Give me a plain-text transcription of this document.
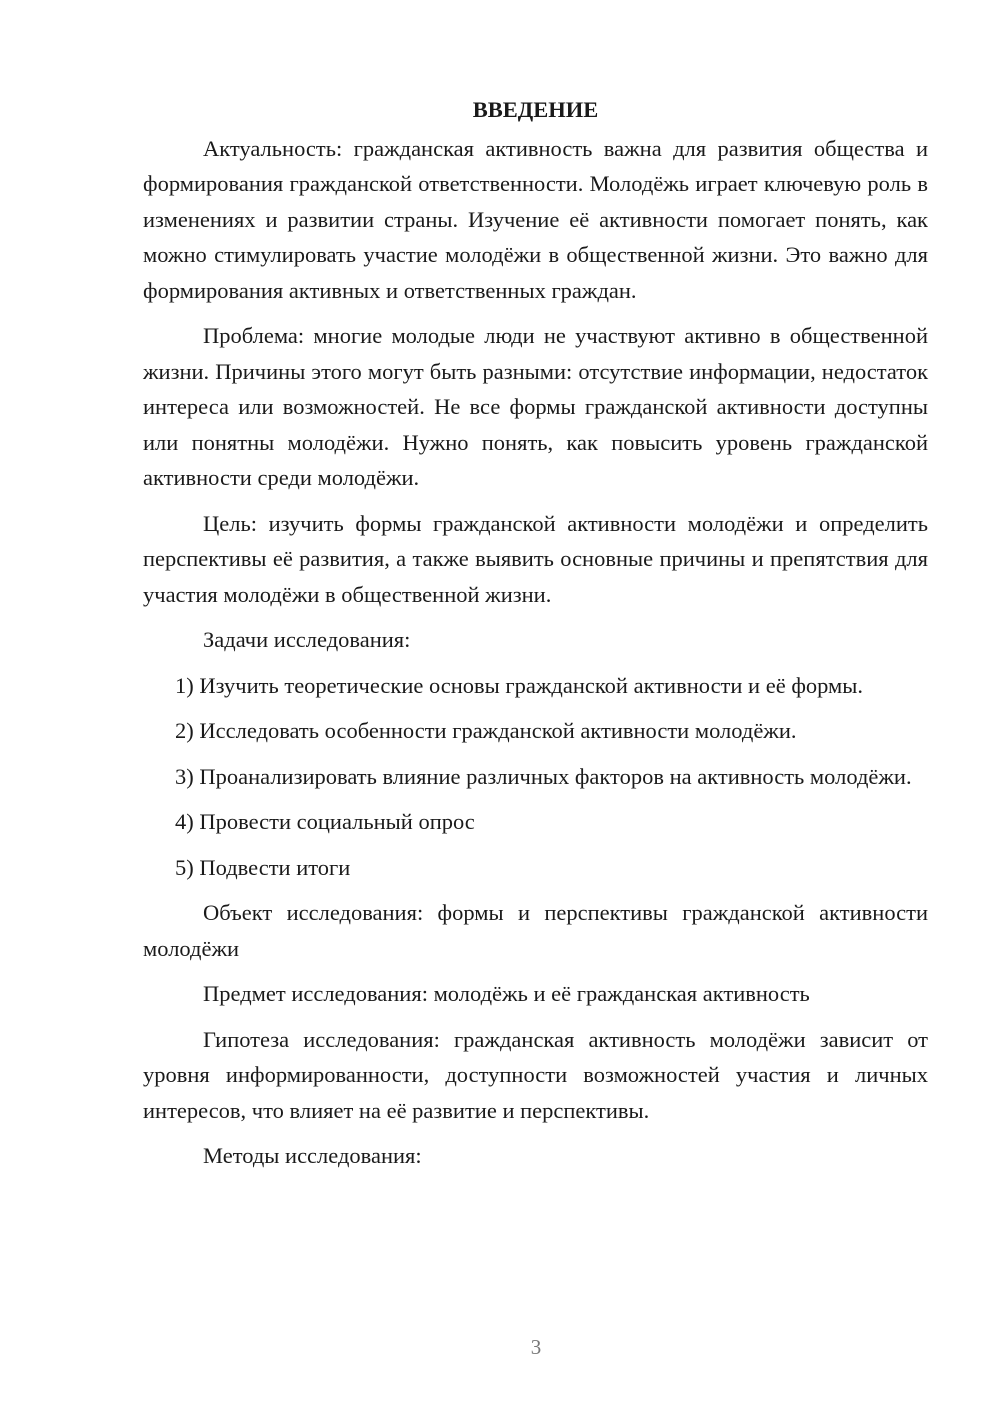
ВВЕДЕНИЕ

Актуальность: гражданская активность важна для развития общества и формирования гражданской ответственности. Молодёжь играет ключевую роль в изменениях и развитии страны. Изучение её активности помогает понять, как можно стимулировать участие молодёжи в общественной жизни. Это важно для формирования активных и ответственных граждан.

Проблема: многие молодые люди не участвуют активно в общественной жизни. Причины этого могут быть разными: отсутствие информации, недостаток интереса или возможностей. Не все формы гражданской активности доступны или понятны молодёжи. Нужно понять, как повысить уровень гражданской активности среди молодёжи.

Цель: изучить формы гражданской активности молодёжи и определить перспективы её развития, а также выявить основные причины и препятствия для участия молодёжи в общественной жизни.

Задачи исследования:

1) Изучить теоретические основы гражданской активности и её формы.

2) Исследовать особенности гражданской активности молодёжи.

3) Проанализировать влияние различных факторов на активность молодёжи.

4) Провести социальный опрос

5) Подвести итоги

Объект исследования: формы и перспективы гражданской активности молодёжи

Предмет исследования: молодёжь и её гражданская активность

Гипотеза исследования: гражданская активность молодёжи зависит от уровня информированности, доступности возможностей участия и личных интересов, что влияет на её развитие и перспективы.

Методы исследования:

3
